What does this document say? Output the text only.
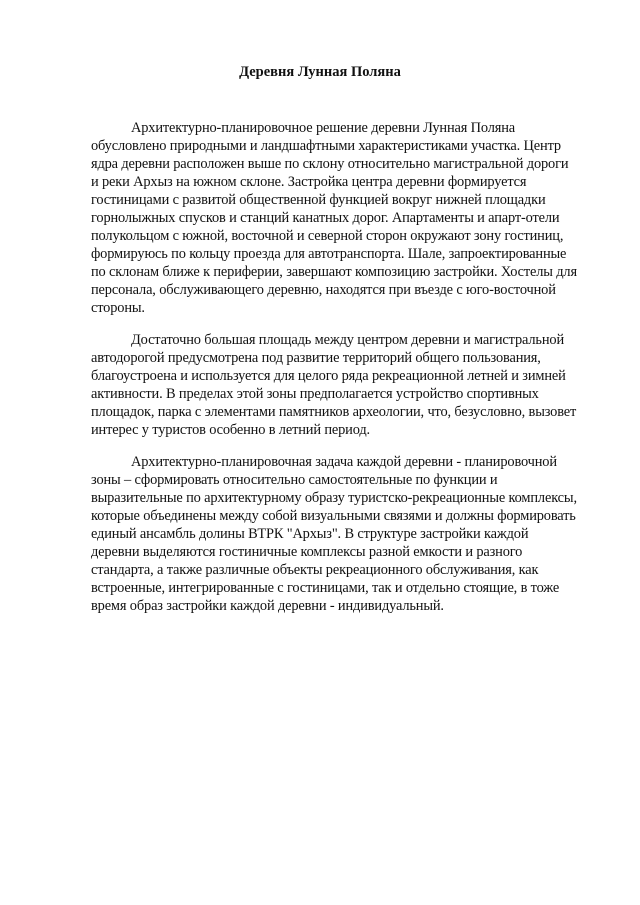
Деревня Лунная Поляна

Архитектурно-планировочное решение деревни Лунная Поляна обусловлено природными и ландшафтными характеристиками участка. Центр ядра деревни расположен выше по склону относительно магистральной дороги и реки Архыз на южном склоне. Застройка центра деревни формируется гостиницами с развитой общественной функцией вокруг нижней площадки горнолыжных спусков и станций канатных дорог. Апартаменты и апарт-отели полукольцом с южной, восточной и северной сторон окружают зону гостиниц, формируюсь по кольцу проезда для автотранспорта. Шале, запроектированные по склонам ближе к периферии, завершают композицию застройки. Хостелы для персонала, обслуживающего деревню, находятся при въезде с юго-восточной стороны.

Достаточно большая площадь между центром деревни и магистральной автодорогой предусмотрена под развитие территорий общего пользования, благоустроена и используется для целого ряда рекреационной летней и зимней активности. В пределах этой зоны предполагается устройство спортивных площадок, парка с элементами памятников археологии, что, безусловно, вызовет интерес у туристов особенно в летний период.

Архитектурно-планировочная задача каждой деревни - планировочной зоны – сформировать относительно самостоятельные по функции и выразительные по архитектурному образу туристско-рекреационные комплексы, которые объединены между собой визуальными связями и должны формировать единый ансамбль долины ВТРК "Архыз". В структуре застройки каждой деревни выделяются гостиничные комплексы разной емкости и разного стандарта, а также различные объекты рекреационного обслуживания, как встроенные, интегрированные с гостиницами, так и отдельно стоящие, в тоже время образ застройки каждой деревни - индивидуальный.
